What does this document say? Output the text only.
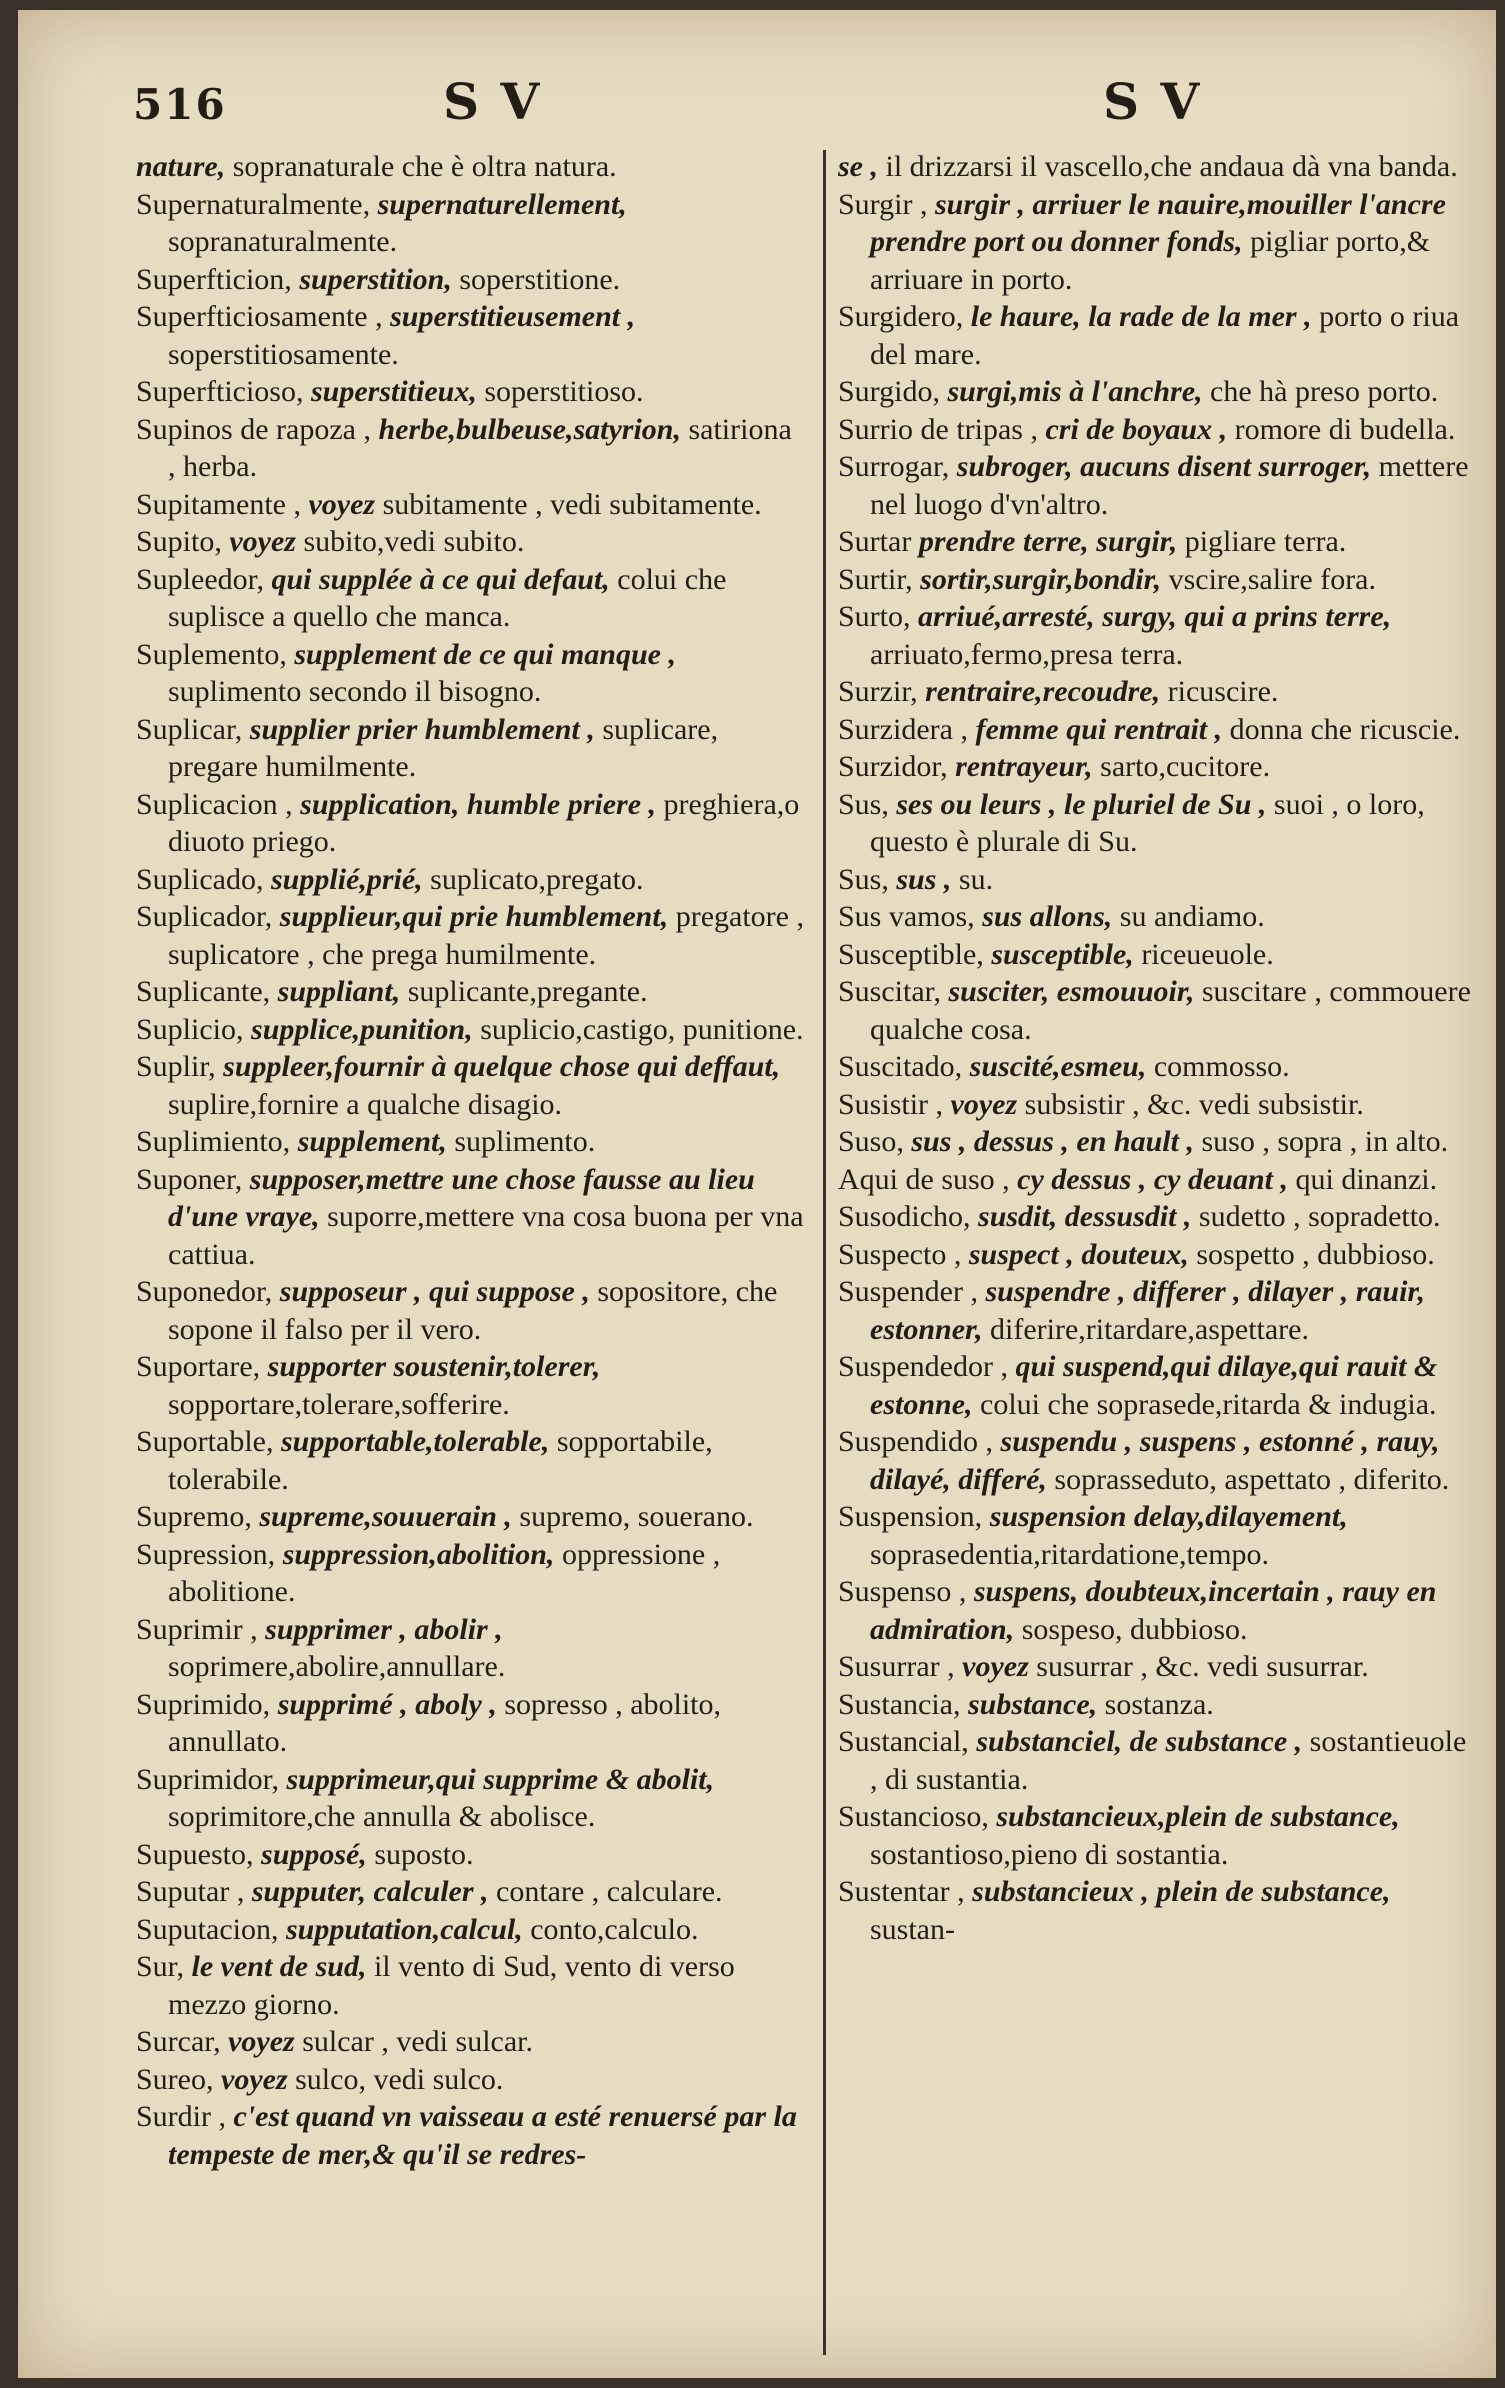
516	S V	S V

nature, sopranaturale che è oltra natura.

Supernaturalmente, supernaturellement, sopranaturalmente.

Superfticion, superstition, soperstitione.

Superfticiosamente , superstitieusement , soperstitiosamente.

Superfticioso, superstitieux, soperstitioso.

Supinos de rapoza , herbe,bulbeuse,satyrion, satiriona , herba.

Supitamente , voyez subitamente , vedi subitamente.

Supito, voyez subito,vedi subito.

Supleedor, qui supplée à ce qui defaut, colui che suplisce a quello che manca.

Suplemento, supplement de ce qui manque , suplimento secondo il bisogno.

Suplicar, supplier prier humblement , suplicare, pregare humilmente.

Suplicacion , supplication, humble priere , preghiera,o diuoto priego.

Suplicado, supplié,prié, suplicato,pregato.

Suplicador, supplieur,qui prie humblement, pregatore , suplicatore , che prega humilmente.

Suplicante, suppliant, suplicante,pregante.

Suplicio, supplice,punition, suplicio,castigo, punitione.

Suplir, suppleer,fournir à quelque chose qui deffaut, suplire,fornire a qualche disagio.

Suplimiento, supplement, suplimento.

Suponer, supposer,mettre une chose fausse au lieu d'une vraye, suporre,mettere vna cosa buona per vna cattiua.

Suponedor, supposeur , qui suppose , sopositore, che sopone il falso per il vero.

Suportare, supporter soustenir,tolerer, sopportare,tolerare,sofferire.

Suportable, supportable,tolerable, sopportabile, tolerabile.

Supremo, supreme,souuerain , supremo, souerano.

Supression, suppression,abolition, oppressione , abolitione.

Suprimir , supprimer , abolir , soprimere,abolire,annullare.

Suprimido, supprimé , aboly , sopresso , abolito, annullato.

Suprimidor, supprimeur,qui supprime & abolit, soprimitore,che annulla & abolisce.

Supuesto, supposé, suposto.

Suputar , supputer, calculer , contare , calculare.

Suputacion, supputation,calcul, conto,calculo.

Sur, le vent de sud, il vento di Sud, vento di verso mezzo giorno.

Surcar, voyez sulcar , vedi sulcar.

Sureo, voyez sulco, vedi sulco.

Surdir , c'est quand vn vaisseau a esté renuersé par la tempeste de mer,& qu'il se redres-

se , il drizzarsi il vascello,che andaua dà vna banda.

Surgir , surgir , arriuer le nauire,mouiller l'ancre prendre port ou donner fonds, pigliar porto,& arriuare in porto.

Surgidero, le haure, la rade de la mer , porto o riua del mare.

Surgido, surgi,mis à l'anchre, che hà preso porto.

Surrio de tripas , cri de boyaux , romore di budella.

Surrogar, subroger, aucuns disent surroger, mettere nel luogo d'vn'altro.

Surtar prendre terre, surgir, pigliare terra.

Surtir, sortir,surgir,bondir, vscire,salire fora.

Surto, arriué,arresté, surgy, qui a prins terre, arriuato,fermo,presa terra.

Surzir, rentraire,recoudre, ricuscire.

Surzidera , femme qui rentrait , donna che ricuscie.

Surzidor, rentrayeur, sarto,cucitore.

Sus, ses ou leurs , le pluriel de Su , suoi , o loro, questo è plurale di Su.

Sus, sus , su.

Sus vamos, sus allons, su andiamo.

Susceptible, susceptible, riceueuole.

Suscitar, susciter, esmouuoir, suscitare , commouere qualche cosa.

Suscitado, suscité,esmeu, commosso.

Susistir , voyez subsistir , &c. vedi subsistir.

Suso, sus , dessus , en hault , suso , sopra , in alto.

Aqui de suso , cy dessus , cy deuant , qui dinanzi.

Susodicho, susdit, dessusdit , sudetto , sopradetto.

Suspecto , suspect , douteux, sospetto , dubbioso.

Suspender , suspendre , differer , dilayer , rauir, estonner, diferire,ritardare,aspettare.

Suspendedor , qui suspend,qui dilaye,qui rauit & estonne, colui che soprasede,ritarda & indugia.

Suspendido , suspendu , suspens , estonné , rauy, dilayé, differé, soprasseduto, aspettato , diferito.

Suspension, suspension delay,dilayement, soprasedentia,ritardatione,tempo.

Suspenso , suspens, doubteux,incertain , rauy en admiration, sospeso, dubbioso.

Susurrar , voyez susurrar , &c. vedi susurrar.

Sustancia, substance, sostanza.

Sustancial, substanciel, de substance , sostantieuole , di sustantia.

Sustancioso, substancieux,plein de substance, sostantioso,pieno di sostantia.

Sustentar , substancieux , plein de substance, sustan-
